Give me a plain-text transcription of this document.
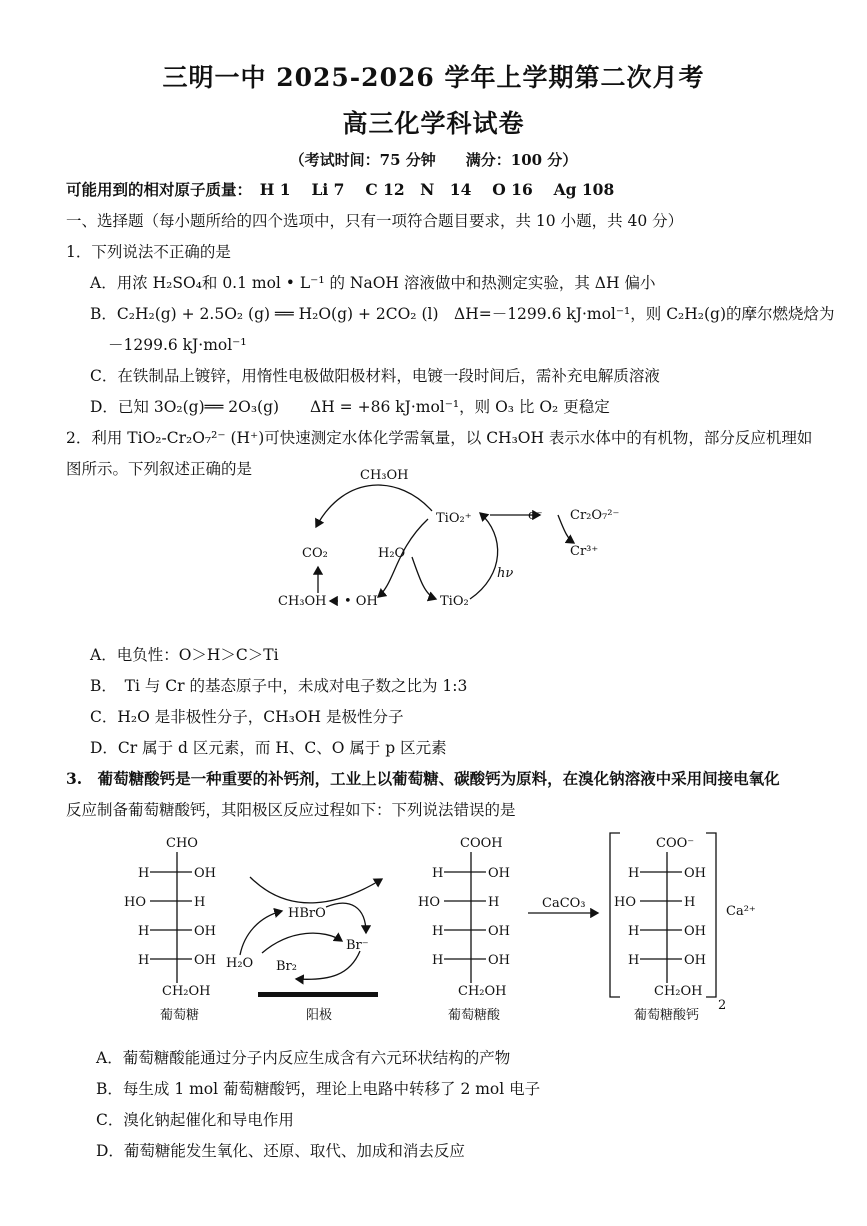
三明一中 2025-2026 学年上学期第二次月考
高三化学科试卷
（考试时间：75 分钟　　满分：100 分）
可能用到的相对原子质量：　H 1　 Li 7　 C 12　N　14　 O 16　 Ag 108
一、选择题（每小题所给的四个选项中，只有一项符合题目要求，共 10 小题，共 40 分）
1．下列说法不正确的是
A．用浓 H₂SO₄和 0.1 mol • L⁻¹ 的 NaOH 溶液做中和热测定实验，其 ΔH 偏小
B．C₂H₂(g) + 2.5O₂ (g) ══ H₂O(g) + 2CO₂ (l)　ΔH=－1299.6 kJ·mol⁻¹，则 C₂H₂(g)的摩尔燃烧焓为
－1299.6 kJ·mol⁻¹
C．在铁制品上镀锌，用惰性电极做阳极材料，电镀一段时间后，需补充电解质溶液
D．已知 3O₂(g)══ 2O₃(g)　　ΔH = +86 kJ·mol⁻¹，则 O₃ 比 O₂ 更稳定
2．利用 TiO₂-Cr₂O₇²⁻ (H⁺)可快速测定水体化学需氧量，以 CH₃OH 表示水体中的有机物，部分反应机理如
图所示。下列叙述正确的是	CH₃OH
CO₂
CH₃OH • OH
H₂O
TiO₂⁺
TiO₂
hν
e⁻ Cr₂O₇²⁻
Cr³⁺
A．电负性：O＞H＞C＞Ti
B．　Ti 与 Cr 的基态原子中，未成对电子数之比为 1:3
C．H₂O 是非极性分子，CH₃OH 是极性分子
D．Cr 属于 d 区元素，而 H、C、O 属于 p 区元素
3.　葡萄糖酸钙是一种重要的补钙剂，工业上以葡萄糖、碳酸钙为原料，在溴化钠溶液中采用间接电氧化
反应制备葡萄糖酸钙，其阳极区反应过程如下：下列说法错误的是
CHO
H	OH
HO	H
H	OH
H	OH
CH₂OH
葡萄糖
HBrO
Br⁻
H₂O Br₂
阳极
COOH
H	OH
HO	H
H	OH
H	OH
CH₂OH
葡萄糖酸
CaCO₃
COO⁻
H	OH
HO	H
H	OH
H	OH
CH₂OH
Ca²⁺
2
葡萄糖酸钙
A．葡萄糖酸能通过分子内反应生成含有六元环状结构的产物
B．每生成 1 mol 葡萄糖酸钙，理论上电路中转移了 2 mol 电子
C．溴化钠起催化和导电作用
D．葡萄糖能发生氧化、还原、取代、加成和消去反应
